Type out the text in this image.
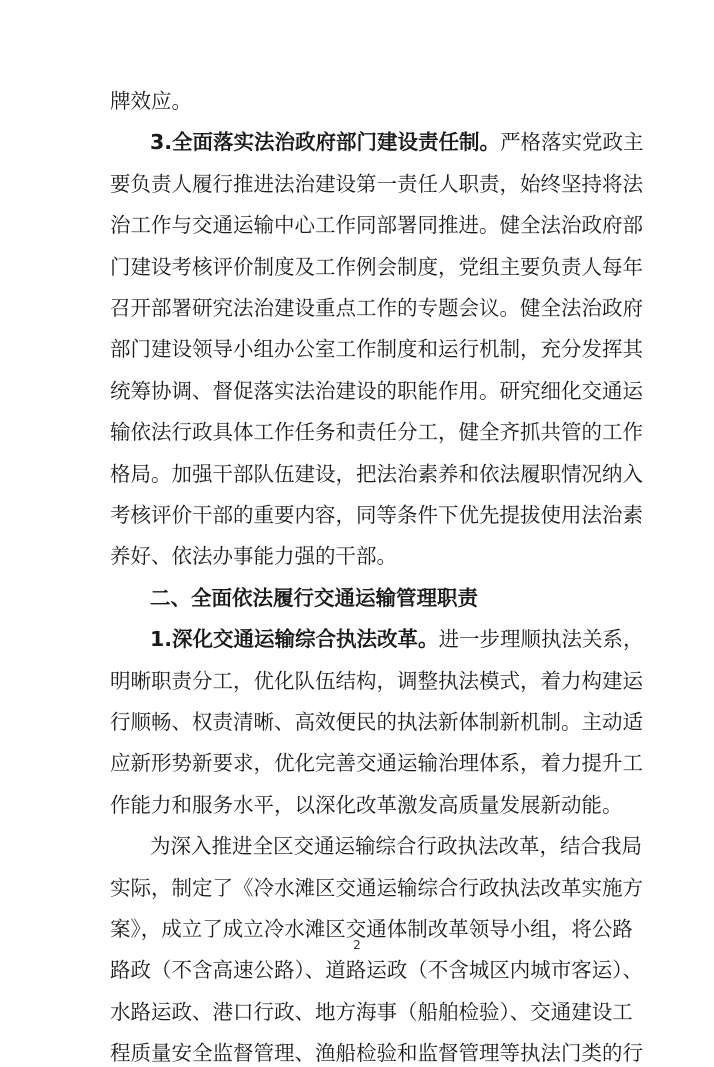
牌效应。
3.全面落实法治政府部门建设责任制。严格落实党政主
要负责人履行推进法治建设第一责任人职责，始终坚持将法
治工作与交通运输中心工作同部署同推进。健全法治政府部
门建设考核评价制度及工作例会制度，党组主要负责人每年
召开部署研究法治建设重点工作的专题会议。健全法治政府
部门建设领导小组办公室工作制度和运行机制，充分发挥其
统筹协调、督促落实法治建设的职能作用。研究细化交通运
输依法行政具体工作任务和责任分工，健全齐抓共管的工作
格局。加强干部队伍建设，把法治素养和依法履职情况纳入
考核评价干部的重要内容，同等条件下优先提拔使用法治素
养好、依法办事能力强的干部。
二、全面依法履行交通运输管理职责
1.深化交通运输综合执法改革。进一步理顺执法关系，
明晰职责分工，优化队伍结构，调整执法模式，着力构建运
行顺畅、权责清晰、高效便民的执法新体制新机制。主动适
应新形势新要求，优化完善交通运输治理体系，着力提升工
作能力和服务水平，以深化改革激发高质量发展新动能。
为深入推进全区交通运输综合行政执法改革，结合我局
实际，制定了《冷水滩区交通运输综合行政执法改革实施方
案》，成立了成立冷水滩区交通体制改革领导小组，将公路
路政（不含高速公路）、道路运政（不含城区内城市客运）、
水路运政、港口行政、地方海事（船舶检验）、交通建设工
程质量安全监督管理、渔船检验和监督管理等执法门类的行
2
